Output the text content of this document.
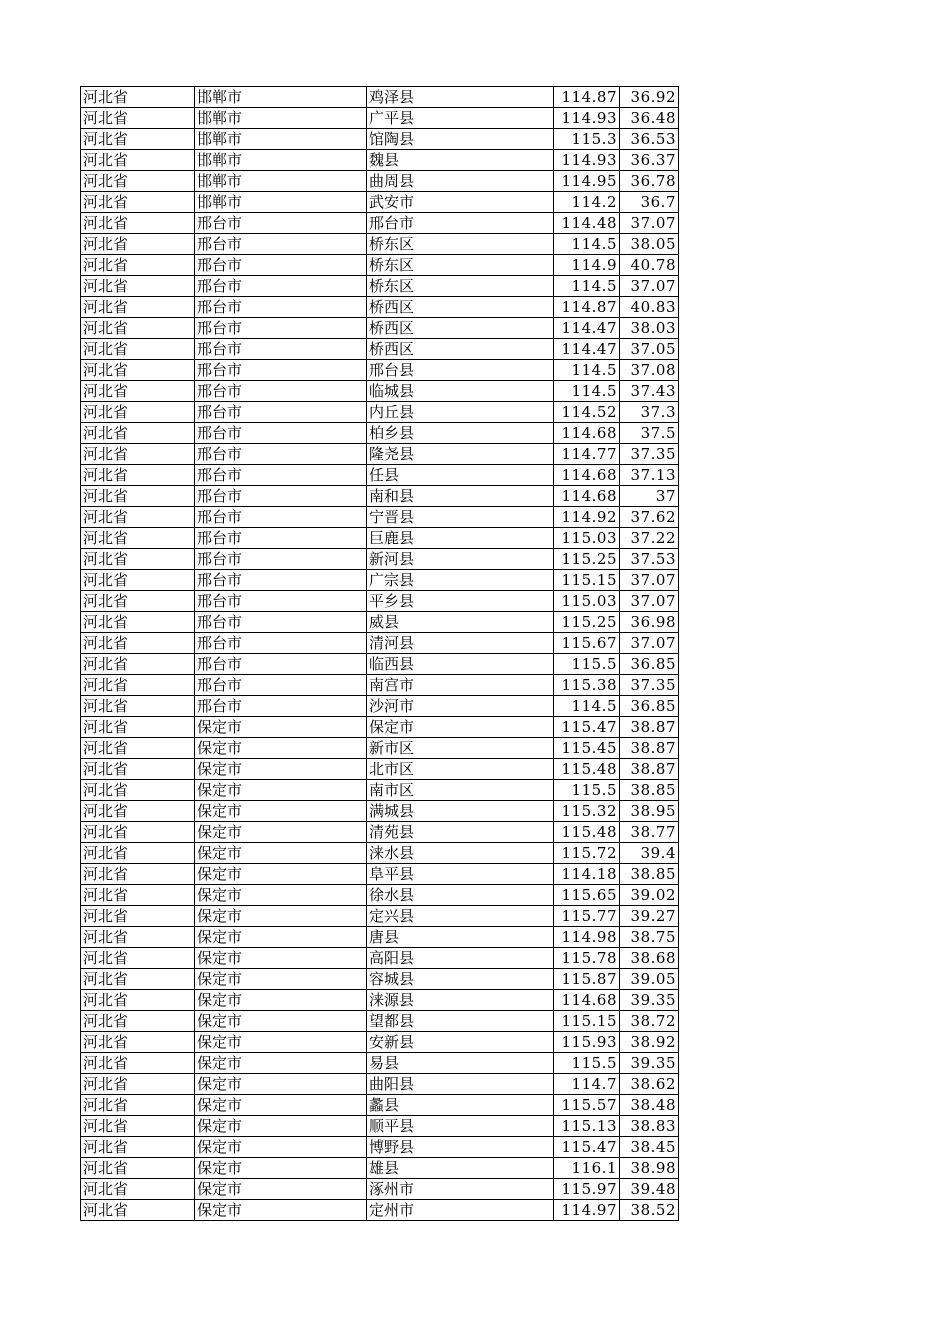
河北省	邯郸市	鸡泽县	114.87	36.92
河北省	邯郸市	广平县	114.93	36.48
河北省	邯郸市	馆陶县	115.3	36.53
河北省	邯郸市	魏县	114.93	36.37
河北省	邯郸市	曲周县	114.95	36.78
河北省	邯郸市	武安市	114.2	36.7
河北省	邢台市	邢台市	114.48	37.07
河北省	邢台市	桥东区	114.5	38.05
河北省	邢台市	桥东区	114.9	40.78
河北省	邢台市	桥东区	114.5	37.07
河北省	邢台市	桥西区	114.87	40.83
河北省	邢台市	桥西区	114.47	38.03
河北省	邢台市	桥西区	114.47	37.05
河北省	邢台市	邢台县	114.5	37.08
河北省	邢台市	临城县	114.5	37.43
河北省	邢台市	内丘县	114.52	37.3
河北省	邢台市	柏乡县	114.68	37.5
河北省	邢台市	隆尧县	114.77	37.35
河北省	邢台市	任县	114.68	37.13
河北省	邢台市	南和县	114.68	37
河北省	邢台市	宁晋县	114.92	37.62
河北省	邢台市	巨鹿县	115.03	37.22
河北省	邢台市	新河县	115.25	37.53
河北省	邢台市	广宗县	115.15	37.07
河北省	邢台市	平乡县	115.03	37.07
河北省	邢台市	威县	115.25	36.98
河北省	邢台市	清河县	115.67	37.07
河北省	邢台市	临西县	115.5	36.85
河北省	邢台市	南宫市	115.38	37.35
河北省	邢台市	沙河市	114.5	36.85
河北省	保定市	保定市	115.47	38.87
河北省	保定市	新市区	115.45	38.87
河北省	保定市	北市区	115.48	38.87
河北省	保定市	南市区	115.5	38.85
河北省	保定市	满城县	115.32	38.95
河北省	保定市	清苑县	115.48	38.77
河北省	保定市	涞水县	115.72	39.4
河北省	保定市	阜平县	114.18	38.85
河北省	保定市	徐水县	115.65	39.02
河北省	保定市	定兴县	115.77	39.27
河北省	保定市	唐县	114.98	38.75
河北省	保定市	高阳县	115.78	38.68
河北省	保定市	容城县	115.87	39.05
河北省	保定市	涞源县	114.68	39.35
河北省	保定市	望都县	115.15	38.72
河北省	保定市	安新县	115.93	38.92
河北省	保定市	易县	115.5	39.35
河北省	保定市	曲阳县	114.7	38.62
河北省	保定市	蠡县	115.57	38.48
河北省	保定市	顺平县	115.13	38.83
河北省	保定市	博野县	115.47	38.45
河北省	保定市	雄县	116.1	38.98
河北省	保定市	涿州市	115.97	39.48
河北省	保定市	定州市	114.97	38.52
